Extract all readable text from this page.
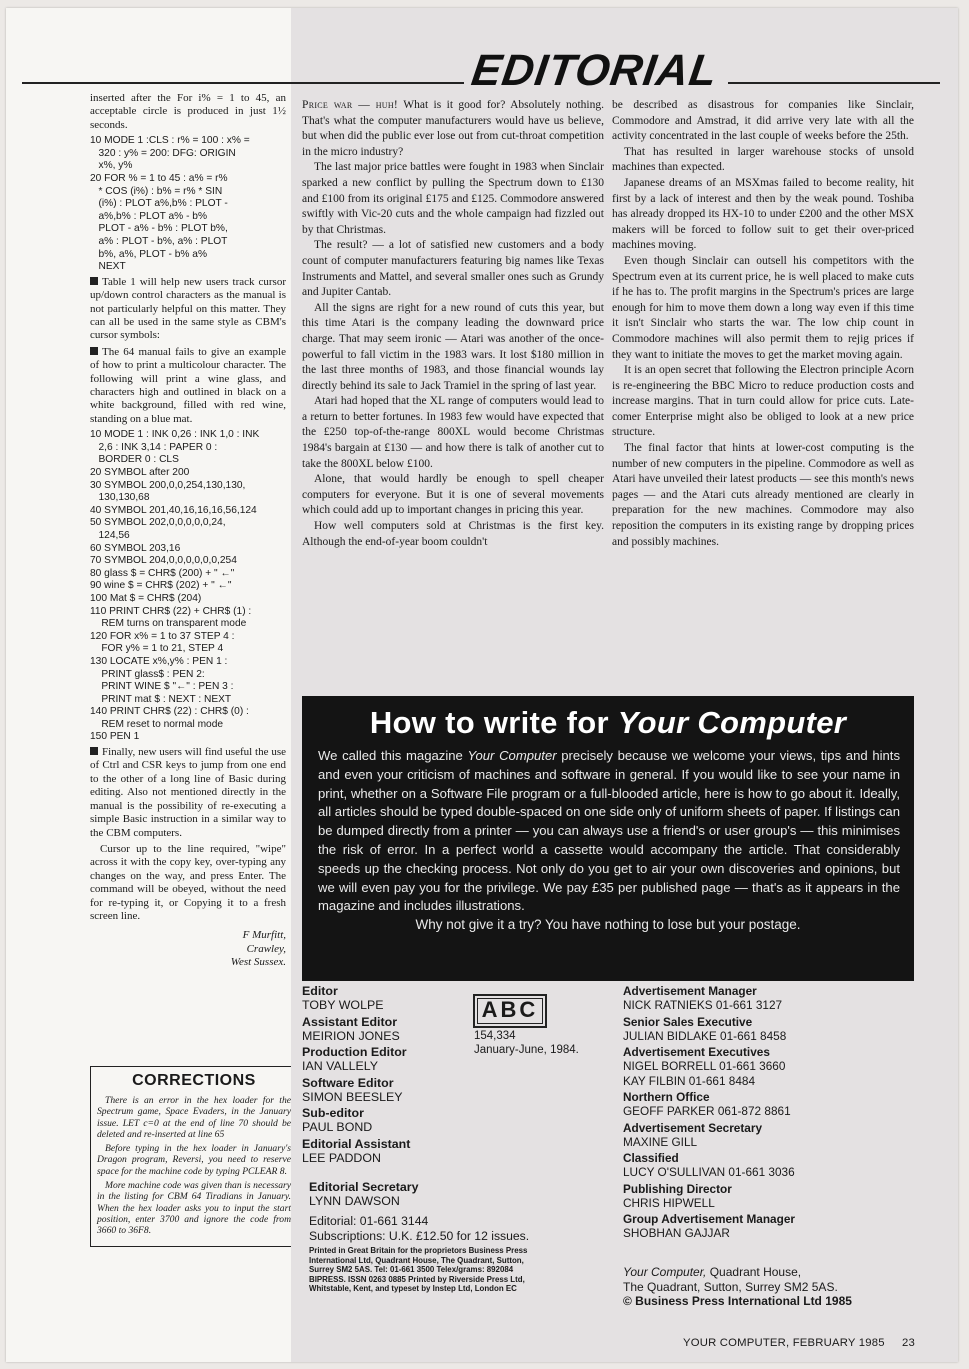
inserted after the For i% = 1 to 45, an acceptable circle is produced in just 1½ seconds.

10 MODE 1 :CLS : r% = 100 : x% =
320 : y% = 200: DFG: ORIGIN
x%, y%
20 FOR % = 1 to 45 : a% = r%
* COS (i%) : b% = r% * SIN
(i%) : PLOT a%,b% : PLOT -
a%,b% : PLOT a% - b%
PLOT - a% - b% : PLOT b%,
a% : PLOT - b%, a% : PLOT
b%, a%, PLOT - b% a%
NEXT

Table 1 will help new users track cursor up/down control characters as the manual is not particularly helpful on this matter. They can all be used in the same style as CBM's cursor symbols:

The 64 manual fails to give an example of how to print a multicolour character. The following will print a wine glass, and characters high and outlined in black on a white background, filled with red wine, standing on a blue mat.

10 MODE 1 : INK 0,26 : INK 1,0 : INK
2,6 : INK 3,14 : PAPER 0 :
BORDER 0 : CLS
20 SYMBOL after 200
30 SYMBOL 200,0,0,254,130,130,
130,130,68
40 SYMBOL 201,40,16,16,16,56,124
50 SYMBOL 202,0,0,0,0,0,24,
124,56
60 SYMBOL 203,16
70 SYMBOL 204,0,0,0,0,0,0,254
80 glass $ = CHR$ (200) + " ←"
90 wine $ = CHR$ (202) + " ←"
100 Mat $ = CHR$ (204)
110 PRINT CHR$ (22) + CHR$ (1) :
REM turns on transparent mode
120 FOR x% = 1 to 37 STEP 4 :
FOR y% = 1 to 21, STEP 4
130 LOCATE x%,y% : PEN 1 :
PRINT glass$ : PEN 2:
PRINT WINE $ "←" : PEN 3 :
PRINT mat $ : NEXT : NEXT
140 PRINT CHR$ (22) : CHR$ (0) :
REM reset to normal mode
150 PEN 1

Finally, new users will find useful the use of Ctrl and CSR keys to jump from one end to the other of a long line of Basic during editing. Also not mentioned directly in the manual is the possibility of re-executing a simple Basic instruction in a similar way to the CBM computers.

Cursor up to the line required, "wipe" across it with the copy key, over-typing any changes on the way, and press Enter. The command will be obeyed, without the need for re-typing it, or Copying it to a fresh screen line.

F Murfitt,
Crawley,
West Sussex.
CORRECTIONS

There is an error in the hex loader for the Spectrum game, Space Evaders, in the January issue. LET c=0 at the end of line 70 should be deleted and re-inserted at line 65

Before typing in the hex loader in January's Dragon program, Reversi, you need to reserve space for the machine code by typing PCLEAR 8.

More machine code was given than is necessary in the listing for CBM 64 Tiradians in January. When the hex loader asks you to input the start position, enter 3700 and ignore the code from 3660 to 36F8.

EDITORIAL

Price war — huh! What is it good for? Absolutely nothing. That's what the computer manufacturers would have us believe, but when did the public ever lose out from cut-throat competition in the micro industry?

The last major price battles were fought in 1983 when Sinclair sparked a new conflict by pulling the Spectrum down to £130 and £100 from its original £175 and £125. Commodore answered swiftly with Vic-20 cuts and the whole campaign had fizzled out by that Christmas.

The result? — a lot of satisfied new customers and a body count of computer manufacturers featuring big names like Texas Instruments and Mattel, and several smaller ones such as Grundy and Jupiter Cantab.

All the signs are right for a new round of cuts this year, but this time Atari is the company leading the downward price charge. That may seem ironic — Atari was another of the once-powerful to fall victim in the 1983 wars. It lost $180 million in the last three months of 1983, and those financial wounds lay directly behind its sale to Jack Tramiel in the spring of last year.

Atari had hoped that the XL range of computers would lead to a return to better fortunes. In 1983 few would have expected that the £250 top-of-the-range 800XL would become Christmas 1984's bargain at £130 — and how there is talk of another cut to take the 800XL below £100.

Alone, that would hardly be enough to spell cheaper computers for everyone. But it is one of several movements which could add up to important changes in pricing this year.

How well computers sold at Christmas is the first key. Although the end-of-year boom couldn't

be described as disastrous for companies like Sinclair, Commodore and Amstrad, it did arrive very late with all the activity concentrated in the last couple of weeks before the 25th.

That has resulted in larger warehouse stocks of unsold machines than expected.

Japanese dreams of an MSXmas failed to become reality, hit first by a lack of interest and then by the weak pound. Toshiba has already dropped its HX-10 to under £200 and the other MSX makers will be forced to follow suit to get their over-priced machines moving.

Even though Sinclair can outsell his competitors with the Spectrum even at its current price, he is well placed to make cuts if he has to. The profit margins in the Spectrum's prices are large enough for him to move them down a long way even if this time it isn't Sinclair who starts the war. The low chip count in Commodore machines will also permit them to rejig prices if they want to initiate the moves to get the market moving again.

It is an open secret that following the Electron principle Acorn is re-engineering the BBC Micro to reduce production costs and increase margins. That in turn could allow for price cuts. Late-comer Enterprise might also be obliged to look at a new price structure.

The final factor that hints at lower-cost computing is the number of new computers in the pipeline. Commodore as well as Atari have unveiled their latest products — see this month's news pages — and the Atari cuts already mentioned are clearly in preparation for the new machines. Commodore may also reposition the computers in its existing range by dropping prices and possibly machines.

How to write for Your Computer
We called this magazine Your Computer precisely because we welcome your views, tips and hints and even your criticism of machines and software in general. If you would like to see your name in print, whether on a Software File program or a full-blooded article, here is how to go about it. Ideally, all articles should be typed double-spaced on one side only of uniform sheets of paper. If listings can be dumped directly from a printer — you can always use a friend's or user group's — this minimises the risk of error. In a perfect world a cassette would accompany the article. That considerably speeds up the checking process. Not only do you get to air your own discoveries and opinions, but we will even pay you for the privilege. We pay £35 per published page — that's as it appears in the magazine and includes illustrations.
Why not give it a try? You have nothing to lose but your postage.
Editor
TOBY WOLPE
Assistant Editor
MEIRION JONES
Production Editor
IAN VALLELY
Software Editor
SIMON BEESLEY
Sub-editor
PAUL BOND
Editorial Assistant
LEE PADDON
ABC
154,334
January-June, 1984.
Editorial Secretary
LYNN DAWSON
Editorial: 01-661 3144
Subscriptions: U.K. £12.50 for 12 issues.
Printed in Great Britain for the proprietors Business Press International Ltd, Quadrant House, The Quadrant, Sutton, Surrey SM2 5AS. Tel: 01-661 3500 Telex/grams: 892084 BIPRESS. ISSN 0263 0885 Printed by Riverside Press Ltd, Whitstable, Kent, and typeset by Instep Ltd, London EC
Advertisement Manager
NICK RATNIEKS 01-661 3127
Senior Sales Executive
JULIAN BIDLAKE 01-661 8458
Advertisement Executives
NIGEL BORRELL 01-661 3660
KAY FILBIN 01-661 8484
Northern Office
GEOFF PARKER 061-872 8861
Advertisement Secretary
MAXINE GILL
Classified
LUCY O'SULLIVAN 01-661 3036
Publishing Director
CHRIS HIPWELL
Group Advertisement Manager
SHOBHAN GAJJAR
Your Computer, Quadrant House,
The Quadrant, Sutton, Surrey SM2 5AS.
© Business Press International Ltd 1985
YOUR COMPUTER, FEBRUARY 1985 23
